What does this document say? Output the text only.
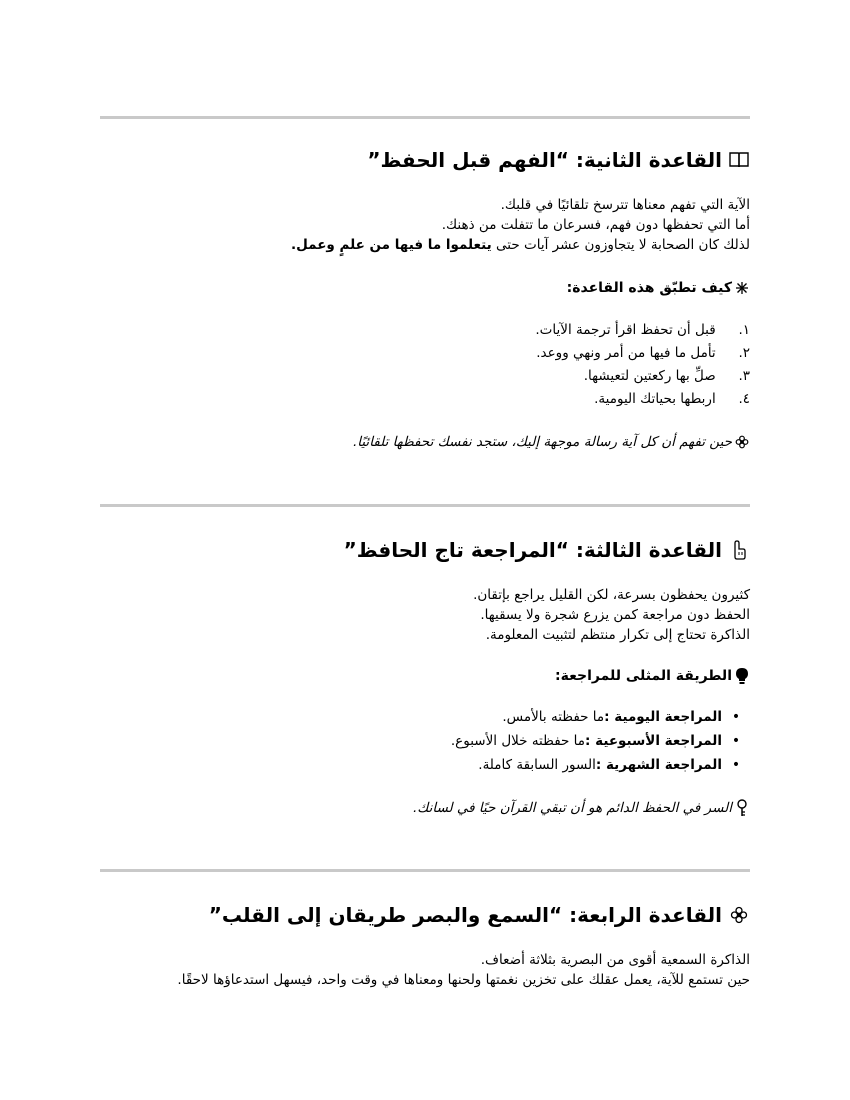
القاعدة الثانية: “الفهم قبل الحفظ”

الآية التي تفهم معناها تترسخ تلقائيًا في قلبك.

أما التي تحفظها دون فهم، فسرعان ما تتفلت من ذهنك.

لذلك كان الصحابة لا يتجاوزون عشر آيات حتى يتعلموا ما فيها من علمٍ وعمل.

كيف تطبّق هذه القاعدة:

١. قبل أن تحفظ اقرأ ترجمة الآيات.
٢. تأمل ما فيها من أمر ونهي ووعد.
٣. صلِّ بها ركعتين لتعيشها.
٤. اربطها بحياتك اليومية.

حين تفهم أن كل آية رسالة موجهة إليك، ستجد نفسك تحفظها تلقائيًا.

القاعدة الثالثة: “المراجعة تاج الحافظ”

كثيرون يحفظون بسرعة، لكن القليل يراجع بإتقان.

الحفظ دون مراجعة كمن يزرع شجرة ولا يسقيها.

الذاكرة تحتاج إلى تكرار منتظم لتثبيت المعلومة.

الطريقة المثلى للمراجعة:

•المراجعة اليومية :ما حفظته بالأمس.
•المراجعة الأسبوعية :ما حفظته خلال الأسبوع.
•المراجعة الشهرية :السور السابقة كاملة.

السر في الحفظ الدائم هو أن تبقي القرآن حيًا في لسانك.

القاعدة الرابعة: “السمع والبصر طريقان إلى القلب”

الذاكرة السمعية أقوى من البصرية بثلاثة أضعاف.

حين تستمع للآية، يعمل عقلك على تخزين نغمتها ولحنها ومعناها في وقت واحد، فيسهل استدعاؤها لاحقًا.
